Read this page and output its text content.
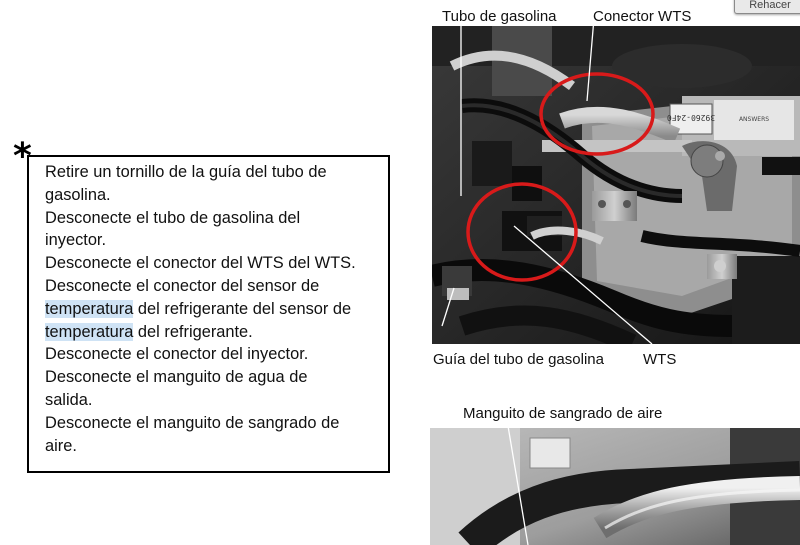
Rehacer
* Retire un tornillo de la guía del tubo de
gasolina.
Desconecte el tubo de gasolina del
inyector.
Desconecte el conector del WTS del WTS.
Desconecte el conector del sensor de
temperatura del refrigerante del sensor de
temperatura del refrigerante.
Desconecte el conector del inyector.
Desconecte el manguito de agua de
salida.
Desconecte el manguito de sangrado de
aire.
Tubo de gasolina Conector WTS
39260-24F0	ANSWERS
Guía del tubo de gasolina	WTS
Manguito de sangrado de aire
